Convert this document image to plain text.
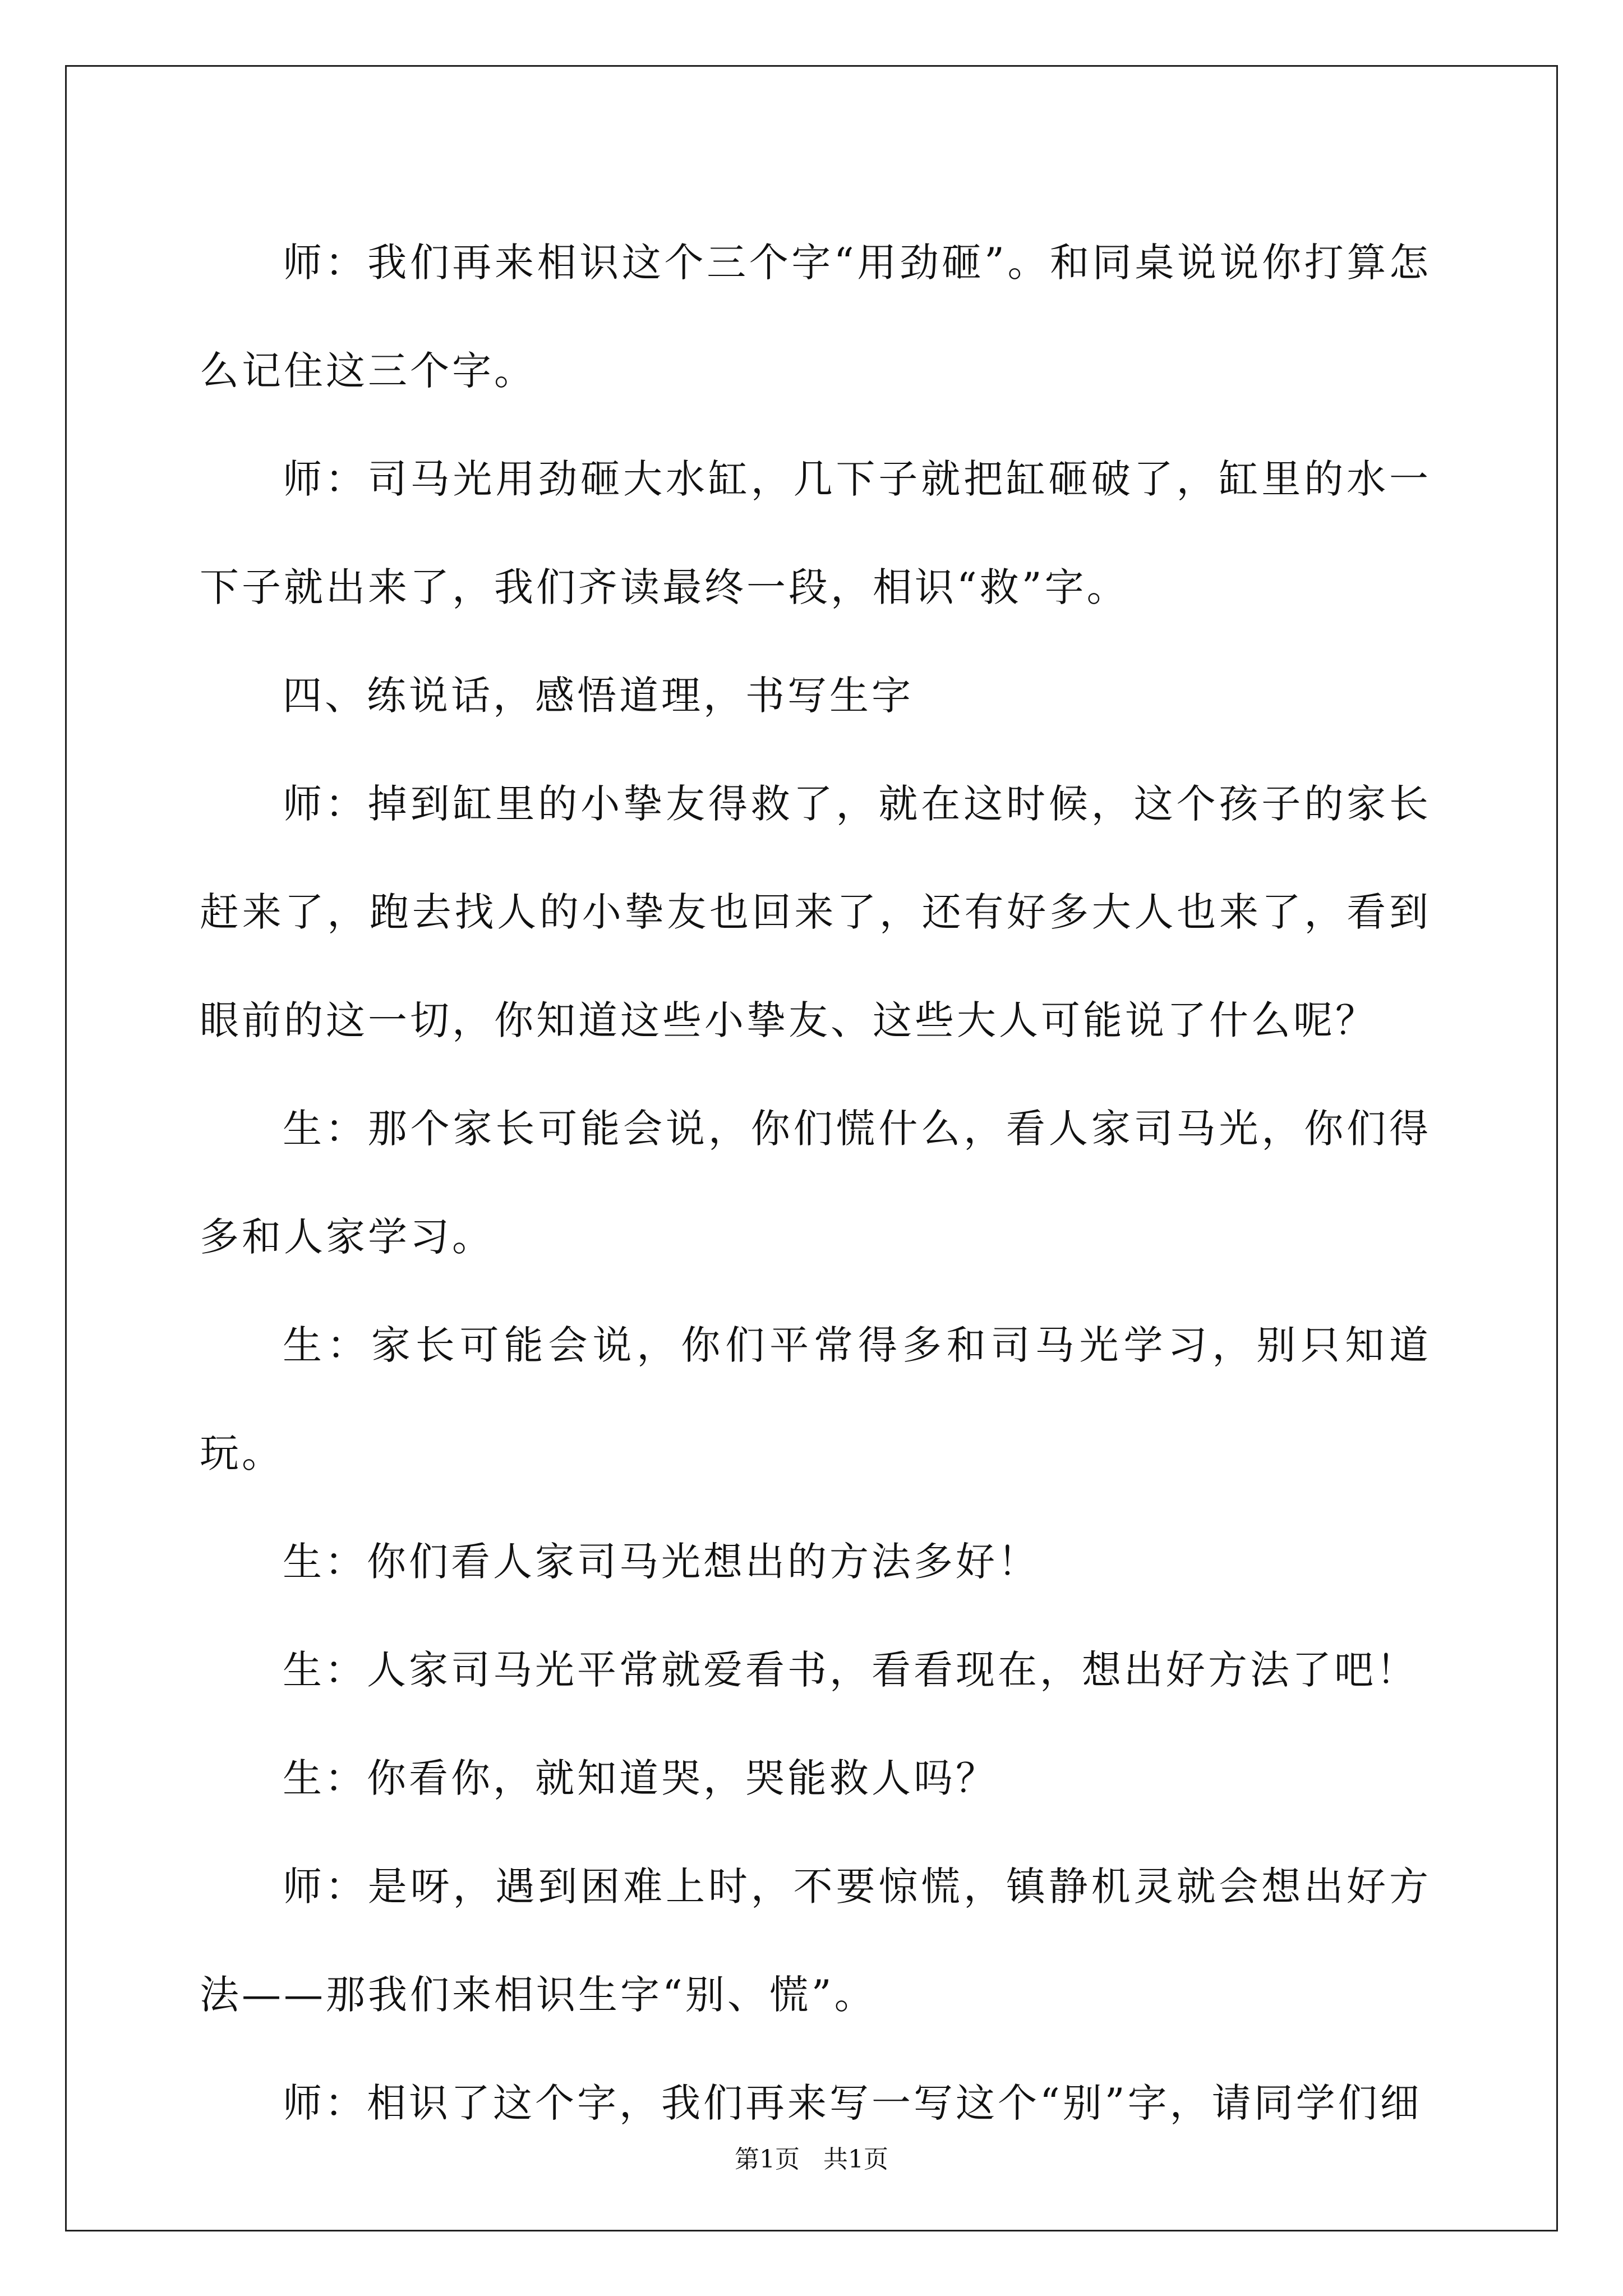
师：我们再来相识这个三个字“用劲砸”。和同桌说说你打算怎么记住这三个字。

师：司马光用劲砸大水缸，几下子就把缸砸破了，缸里的水一下子就出来了，我们齐读最终一段，相识“救”字。

四、练说话，感悟道理，书写生字

师：掉到缸里的小挚友得救了，就在这时候，这个孩子的家长赶来了，跑去找人的小挚友也回来了，还有好多大人也来了，看到眼前的这一切，你知道这些小挚友、这些大人可能说了什么呢？

生：那个家长可能会说，你们慌什么，看人家司马光，你们得多和人家学习。

生：家长可能会说，你们平常得多和司马光学习，别只知道玩。

生：你们看人家司马光想出的方法多好！

生：人家司马光平常就爱看书，看看现在，想出好方法了吧！

生：你看你，就知道哭，哭能救人吗？

师：是呀，遇到困难上时，不要惊慌，镇静机灵就会想出好方法——那我们来相识生字“别、慌”。

师：相识了这个字，我们再来写一写这个“别”字，请同学们细

第1页 共1页
